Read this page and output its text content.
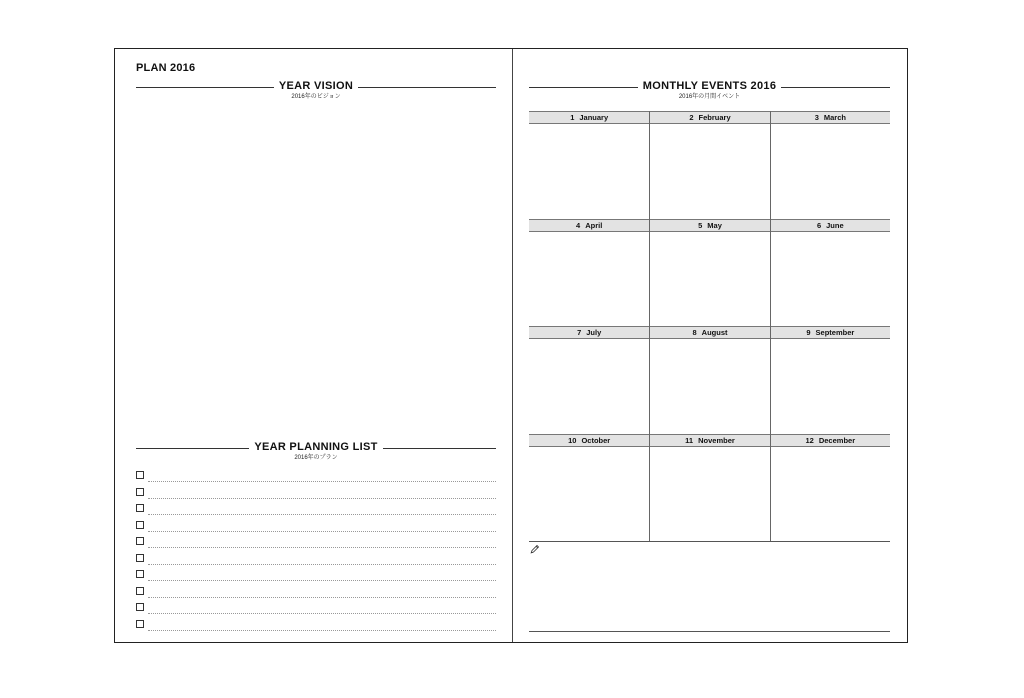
PLAN 2016
YEAR VISION
2016年のビジョン
YEAR PLANNING LIST
2016年のプラン
MONTHLY EVENTS 2016
2016年の月間イベント
1 January	2 February	3 March
4 April	5 May	6 June
7 July	8 August	9 September
10 October	11 November	12 December
